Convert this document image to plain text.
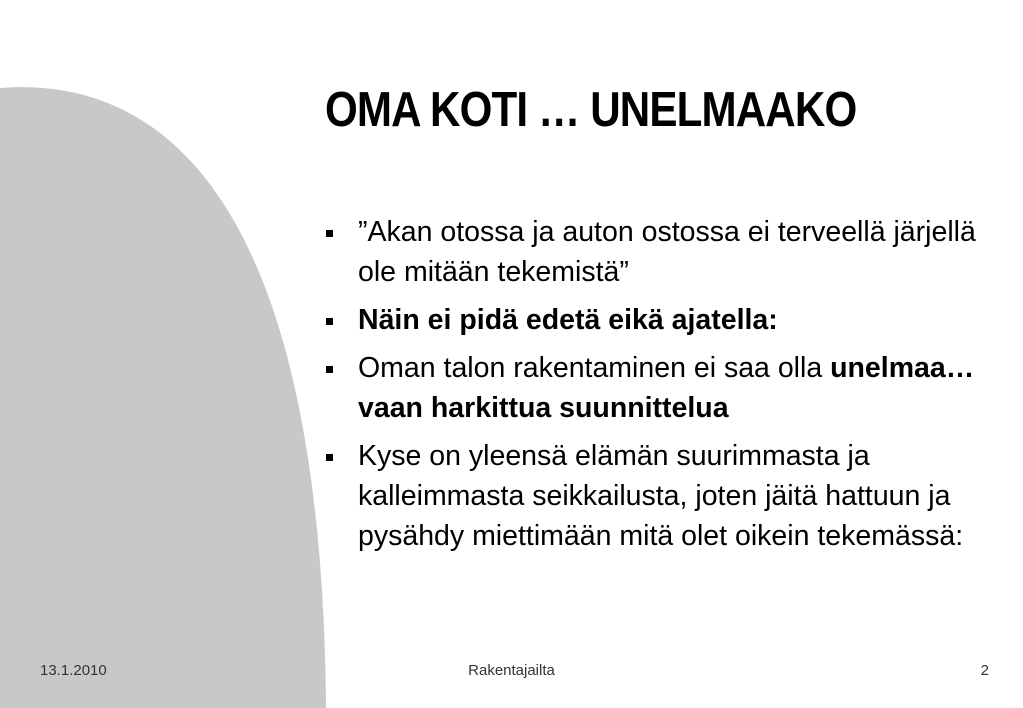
OMA KOTI … UNELMAAKO
”Akan otossa ja auton ostossa ei terveellä järjellä ole mitään tekemistä”
Näin ei pidä edetä eikä ajatella:
Oman talon rakentaminen ei saa olla unelmaa…vaan harkittua suunnittelua
Kyse on yleensä elämän suurimmasta ja kalleimmasta seikkailusta, joten jäitä hattuun ja pysähdy miettimään mitä olet oikein tekemässä:
13.1.2010	Rakentajailta	2
